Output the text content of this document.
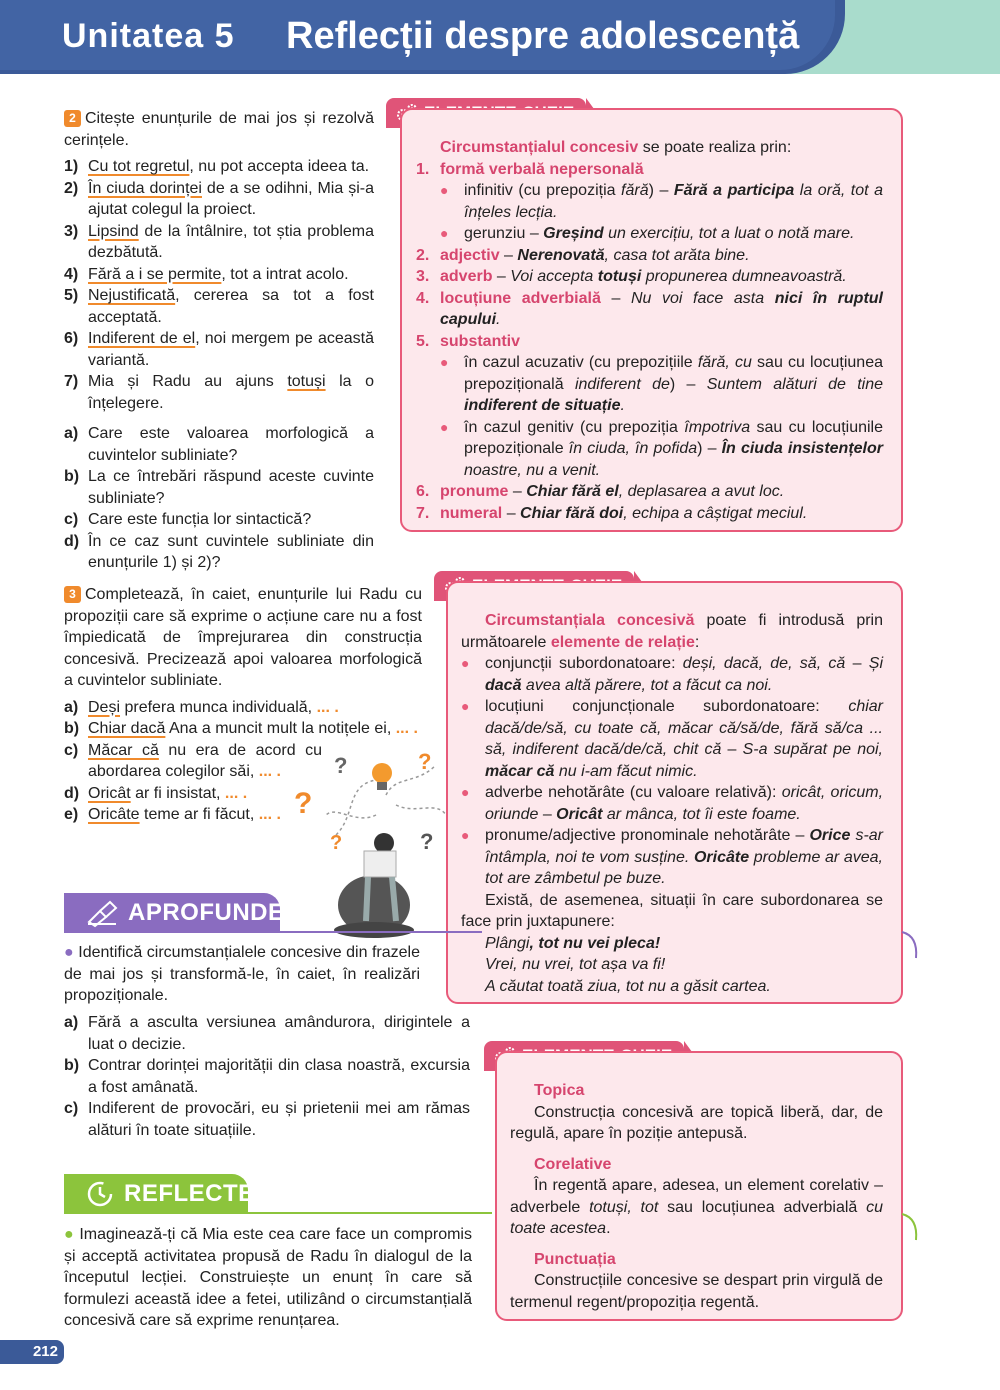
Unitatea 5 Reflecții despre adolescență
2 Citește enunțurile de mai jos și rezolvă cerințele.
1) Cu tot regretul, nu pot accepta ideea ta.
2) În ciuda dorinței de a se odihni, Mia și-a ajutat colegul la proiect.
3) Lipsind de la întâlnire, tot știa problema dezbătută.
4) Fără a i se permite, tot a intrat acolo.
5) Nejustificată, cererea sa tot a fost acceptată.
6) Indiferent de el, noi mergem pe această variantă.
7) Mia și Radu au ajuns totuși la o înțelegere.
a) Care este valoarea morfologică a cuvintelor subliniate?
b) La ce întrebări răspund aceste cuvinte subliniate?
c) Care este funcția lor sintactică?
d) În ce caz sunt cuvintele subliniate din enunțurile 1) și 2)?
Circumstanțialul concesiv se poate realiza prin:
1. formă verbală nepersonală
● infinitiv (cu prepoziția fără) – Fără a participa la oră, tot a înțeles lecția.
● gerunziu – Greșind un exercițiu, tot a luat o notă mare.
2. adjectiv – Nerenovată, casa tot arăta bine.
3. adverb – Voi accepta totuși propunerea dumneavoastră.
4. locuțiune adverbială – Nu voi face asta nici în ruptul capului.
5. substantiv
● în cazul acuzativ (cu prepozițiile fără, cu sau cu locuțiunea prepozițională indiferent de) – Suntem alături de tine indiferent de situație.
● în cazul genitiv (cu prepoziția împotriva sau cu locuțiunile prepoziționale în ciuda, în pofida) – În ciuda insistențelor noastre, nu a venit.
6. pronume – Chiar fără el, deplasarea a avut loc.
7. numeral – Chiar fără doi, echipa a câștigat meciul.
3 Completează, în caiet, enunțurile lui Radu cu propoziții care să exprime o acțiune care nu a fost împiedicată de împrejurarea din construcția concesivă. Precizează apoi valoarea morfologică a cuvintelor subliniate.
a) Deși prefera munca individuală, ... .
b) Chiar dacă Ana a muncit mult la notițele ei, ... .
c) Măcar că nu era de acord cu abordarea colegilor săi, ... .
d) Oricât ar fi insistat, ... .
e) Oricâte teme ar fi făcut, ... .
?	?
?
?	?
Circumstanțiala concesivă poate fi introdusă prin următoarele elemente de relație:
● conjuncții subordonatoare: deși, dacă, de, să, că – Și dacă avea altă părere, tot a făcut ca noi.
● locuțiuni conjuncționale subordonatoare: chiar dacă/de/să, cu toate că, măcar că/să/de, fără să/ca ... să, indiferent dacă/de/că, chit că – S-a supărat pe noi, măcar că nu i-am făcut nimic.
● adverbe nehotărâte (cu valoare relativă): oricât, oricum, oriunde – Oricât ar mânca, tot îi este foame.
● pronume/adjective pronominale nehotărâte – Orice s-ar întâmpla, noi te vom susține. Oricâte probleme ar avea, tot are zâmbetul pe buze.
Există, de asemenea, situații în care subordonarea se face prin juxtapunere:
Plângi, tot nu vei pleca!
Vrei, nu vrei, tot așa va fi!
A căutat toată ziua, tot nu a găsit cartea.
APROFUNDEZ
● Identifică circumstanțialele concesive din frazele de mai jos și transformă-le, în caiet, în realizări propoziționale.
a) Fără a asculta versiunea amândurora, dirigintele a luat o decizie.
b) Contrar dorinței majorității din clasa noastră, excursia a fost amânată.
c) Indiferent de provocări, eu și prietenii mei am rămas alături în toate situațiile.
REFLECTEZ
● Imaginează-ți că Mia este cea care face un compromis și acceptă activitatea propusă de Radu în dialogul de la începutul lecției. Construiește un enunț în care să formulezi această idee a fetei, utilizând o circumstanțială concesivă care să exprime renunțarea.
Topica
Construcția concesivă are topică liberă, dar, de regulă, apare în poziție antepusă.
Corelative
În regentă apare, adesea, un element corelativ – adverbele totuși, tot sau locuțiunea adverbială cu toate acestea.
Punctuația
Construcțiile concesive se despart prin virgulă de termenul regent/propoziția regentă.
212
